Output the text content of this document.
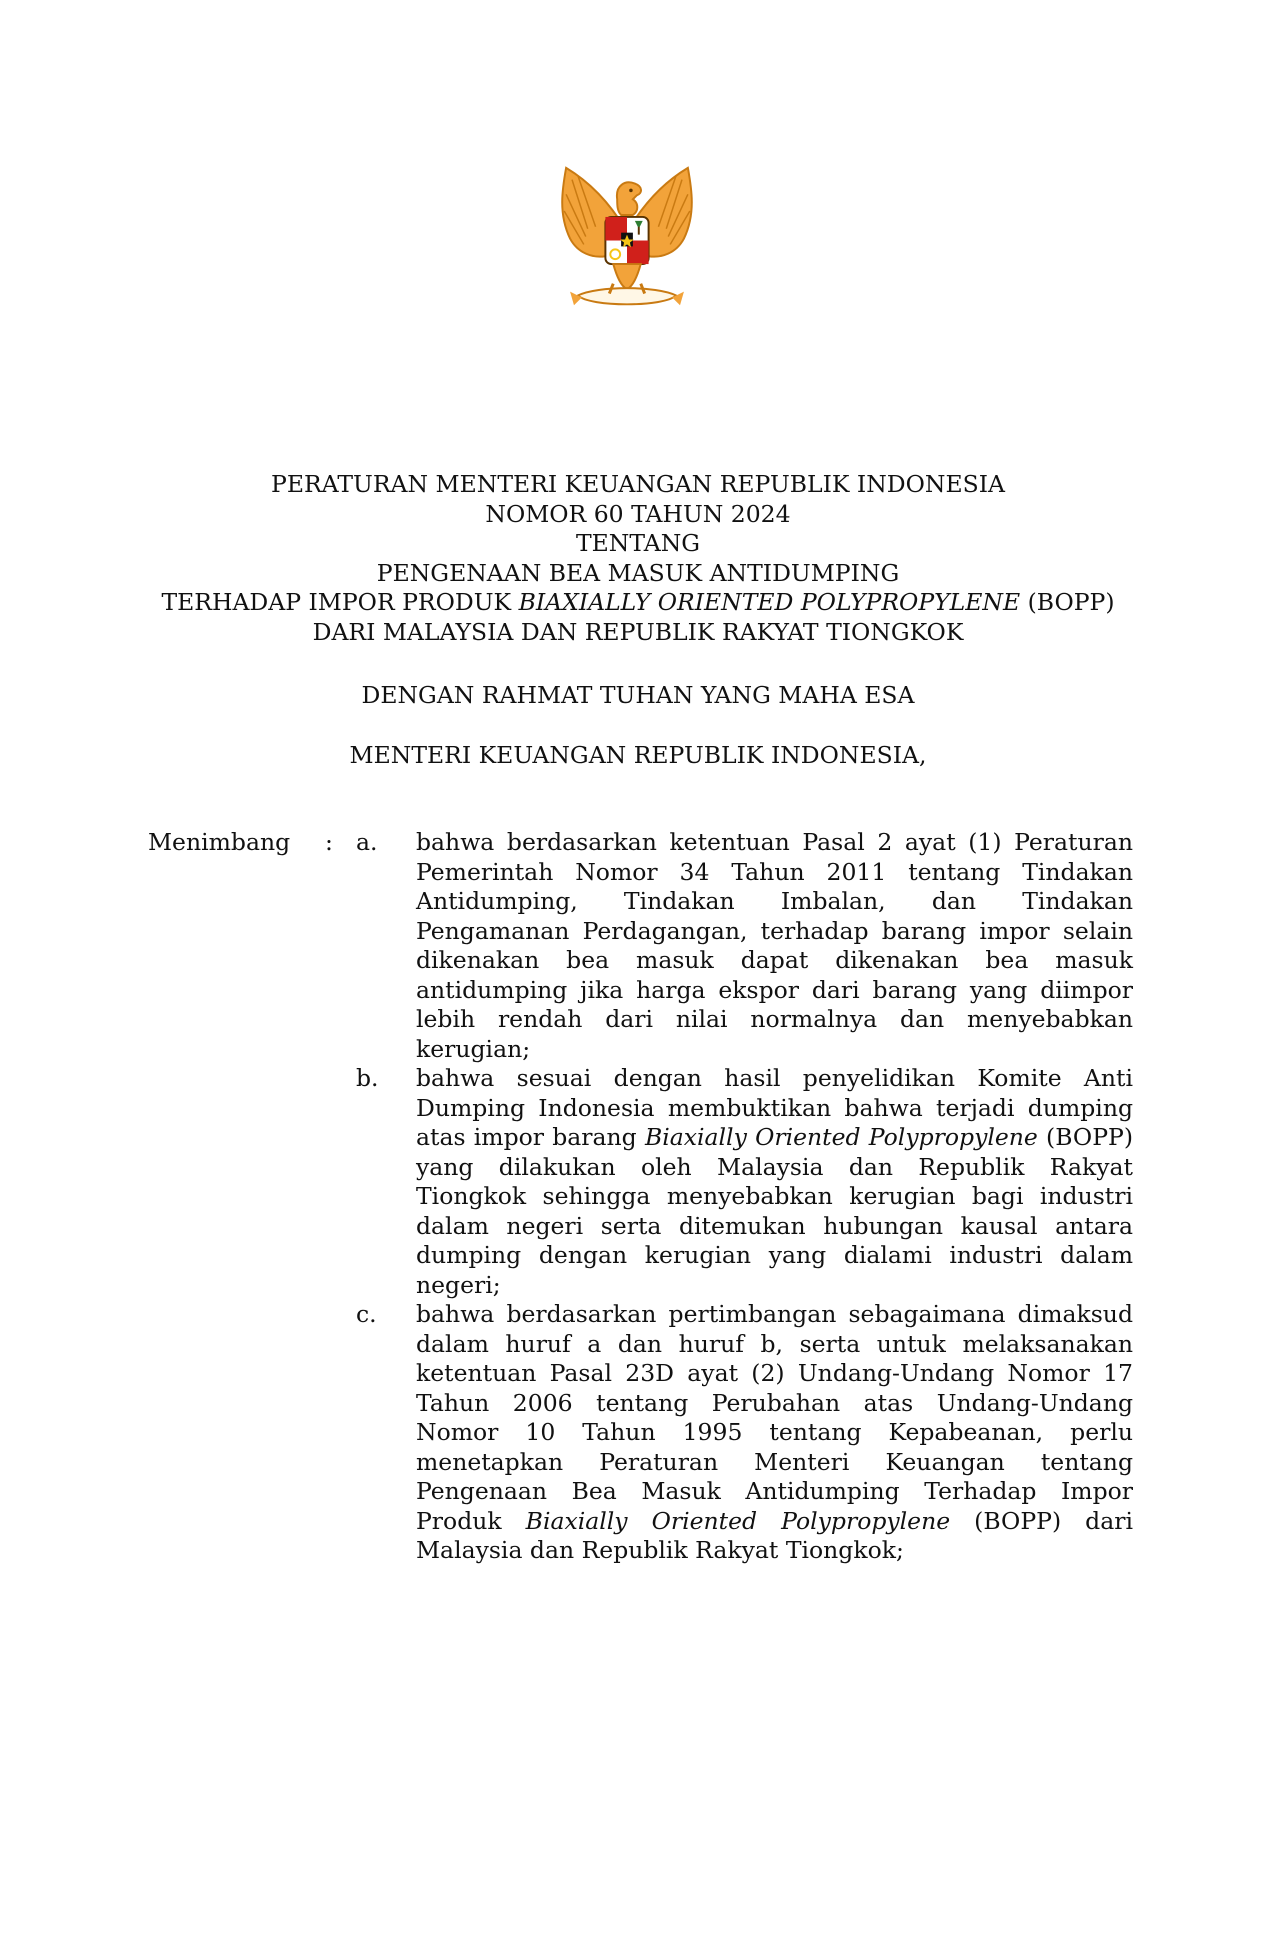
PERATURAN MENTERI KEUANGAN REPUBLIK INDONESIA
NOMOR 60 TAHUN 2024
TENTANG
PENGENAAN BEA MASUK ANTIDUMPING
TERHADAP IMPOR PRODUK BIAXIALLY ORIENTED POLYPROPYLENE (BOPP)
DARI MALAYSIA DAN REPUBLIK RAKYAT TIONGKOK
DENGAN RAHMAT TUHAN YANG MAHA ESA
MENTERI KEUANGAN REPUBLIK INDONESIA,
Menimbang : a. bahwa berdasarkan ketentuan Pasal 2 ayat (1) Peraturan Pemerintah Nomor 34 Tahun 2011 tentang Tindakan Antidumping, Tindakan Imbalan, dan Tindakan Pengamanan Perdagangan, terhadap barang impor selain dikenakan bea masuk dapat dikenakan bea masuk antidumping jika harga ekspor dari barang yang diimpor lebih rendah dari nilai normalnya dan menyebabkan kerugian;

b. bahwa sesuai dengan hasil penyelidikan Komite Anti Dumping Indonesia membuktikan bahwa terjadi dumping atas impor barang Biaxially Oriented Polypropylene (BOPP) yang dilakukan oleh Malaysia dan Republik Rakyat Tiongkok sehingga menyebabkan kerugian bagi industri dalam negeri serta ditemukan hubungan kausal antara dumping dengan kerugian yang dialami industri dalam negeri;

c. bahwa berdasarkan pertimbangan sebagaimana dimaksud dalam huruf a dan huruf b, serta untuk melaksanakan ketentuan Pasal 23D ayat (2) Undang-Undang Nomor 17 Tahun 2006 tentang Perubahan atas Undang-Undang Nomor 10 Tahun 1995 tentang Kepabeanan, perlu menetapkan Peraturan Menteri Keuangan tentang Pengenaan Bea Masuk Antidumping Terhadap Impor Produk Biaxially Oriented Polypropylene (BOPP) dari Malaysia dan Republik Rakyat Tiongkok;
